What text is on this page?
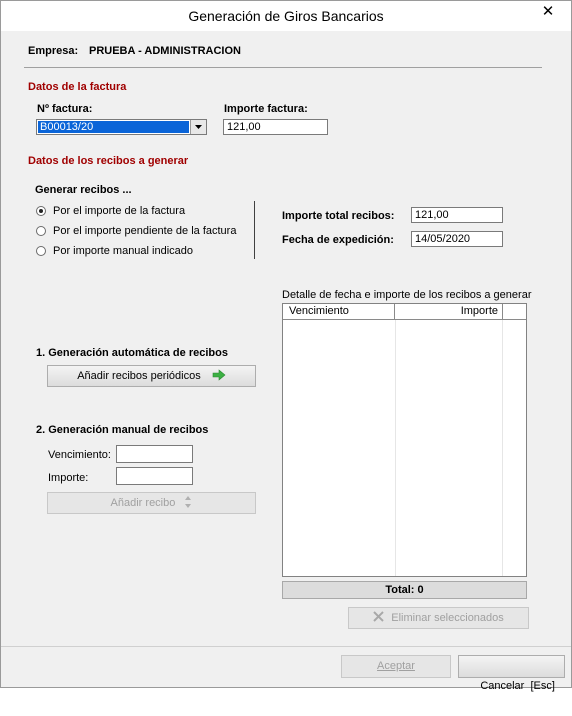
Generación de Giros Bancarios	✕
Empresa: PRUEBA - ADMINISTRACION
Datos de la factura
Nº factura:
B00013/20
Importe factura:
121,00
Datos de los recibos a generar
Generar recibos ...
Por el importe de la factura
Por el importe pendiente de la factura
Por importe manual indicado
Importe total recibos:	121,00
Fecha de expedición:	14/05/2020
1. Generación automática de recibos
Añadir recibos periódicos
2. Generación manual de recibos
Vencimiento:
Importe:
Añadir recibo
Detalle de fecha e importe de los recibos a generar
Vencimiento	Importe
Total: 0
Eliminar seleccionados
Aceptar

Cancelar  [Esc]
